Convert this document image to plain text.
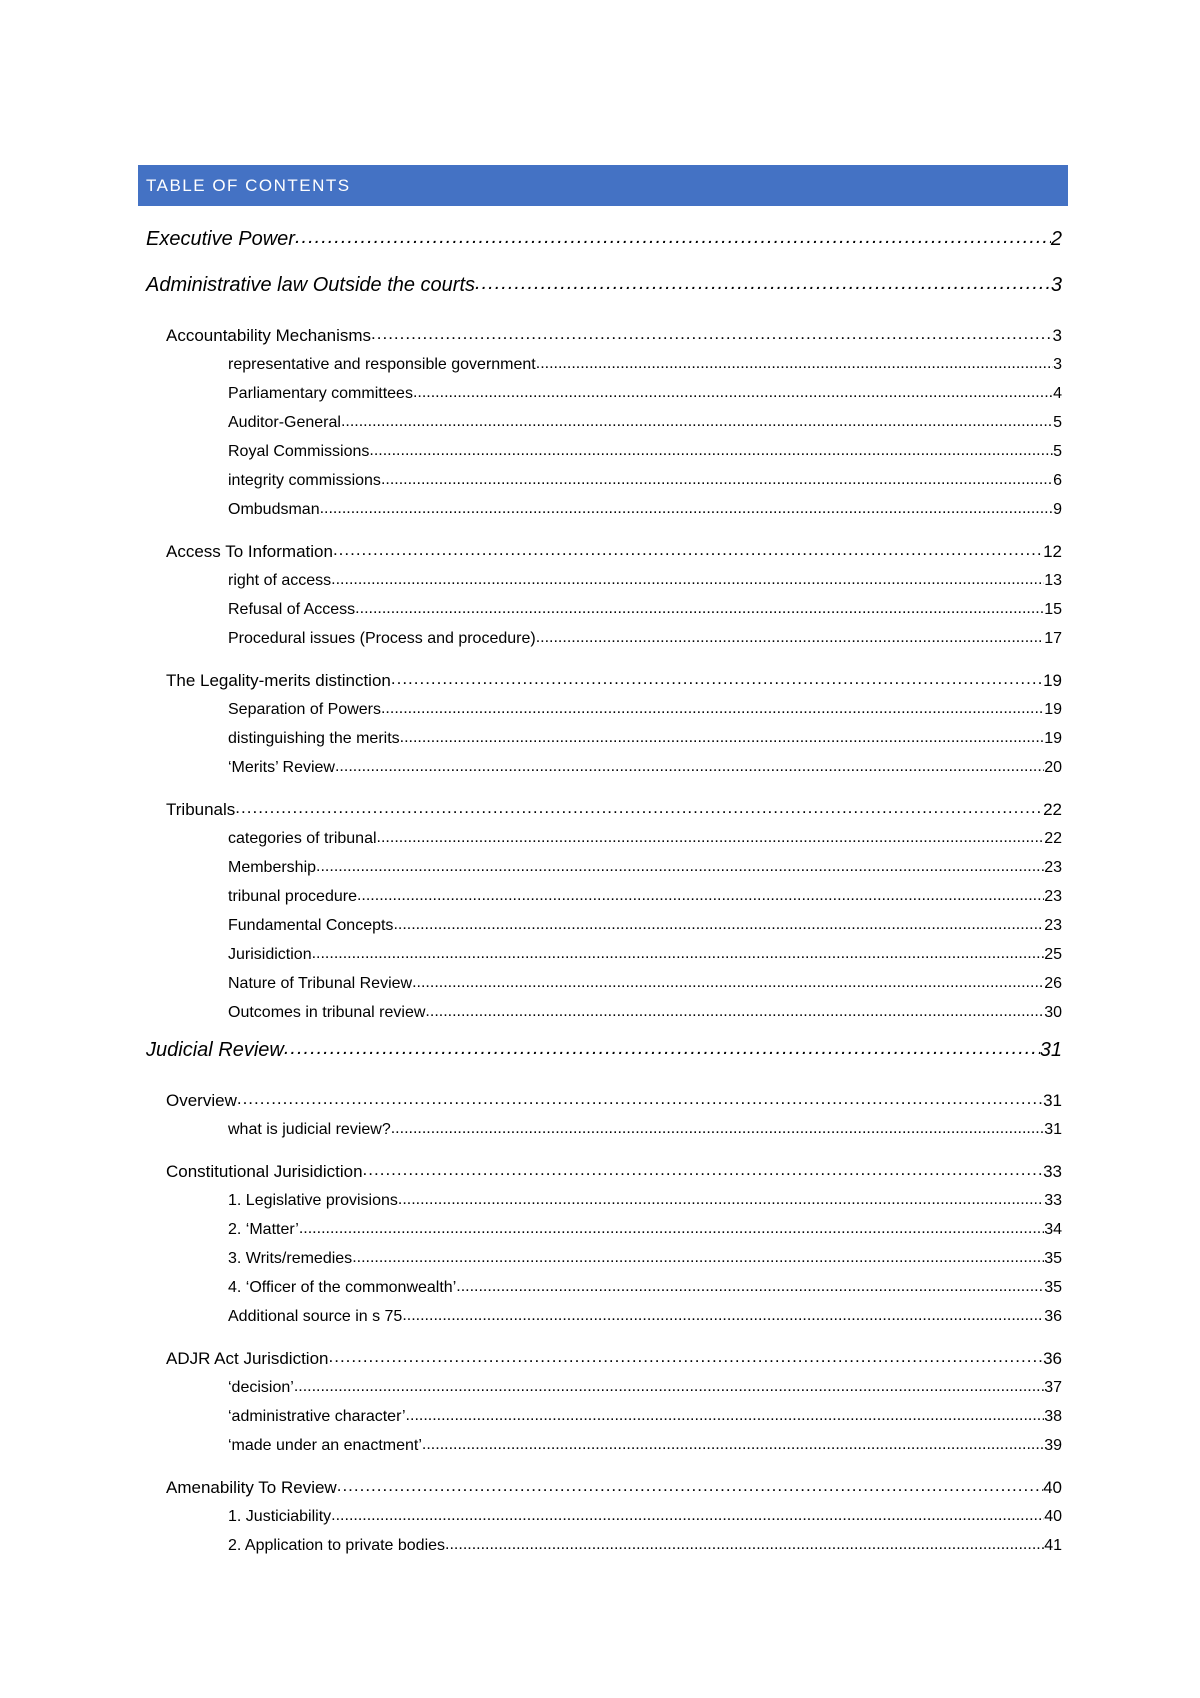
TABLE OF CONTENTS
Executive Power .....	2
Administrative law Outside the courts .....	3
Accountability Mechanisms .....	3
representative and responsible government .....	3
Parliamentary committees .....	4
Auditor-General .....	5
Royal Commissions .....	5
integrity commissions .....	6
Ombudsman .....	9
Access To Information .....	12
right of access .....	13
Refusal of Access .....	15
Procedural issues (Process and procedure) .....	17
The Legality-merits distinction .....	19
Separation of Powers .....	19
distinguishing the merits .....	19
‘Merits’ Review .....	20
Tribunals .....	22
categories of tribunal .....	22
Membership .....	23
tribunal procedure .....	23
Fundamental Concepts .....	23
Jurisidiction .....	25
Nature of Tribunal Review .....	26
Outcomes in tribunal review .....	30
Judicial Review .....	31
Overview .....	31
what is judicial review? .....	31
Constitutional Jurisidiction .....	33
1. Legislative provisions .....	33
2. ‘Matter’ .....	34
3. Writs/remedies .....	35
4. ‘Officer of the commonwealth’ .....	35
Additional source in s 75 .....	36
ADJR Act Jurisdiction .....	36
‘decision’ .....	37
‘administrative character’ .....	38
‘made under an enactment’ .....	39
Amenability To Review .....	40
1. Justiciability .....	40
2. Application to private bodies .....	41
